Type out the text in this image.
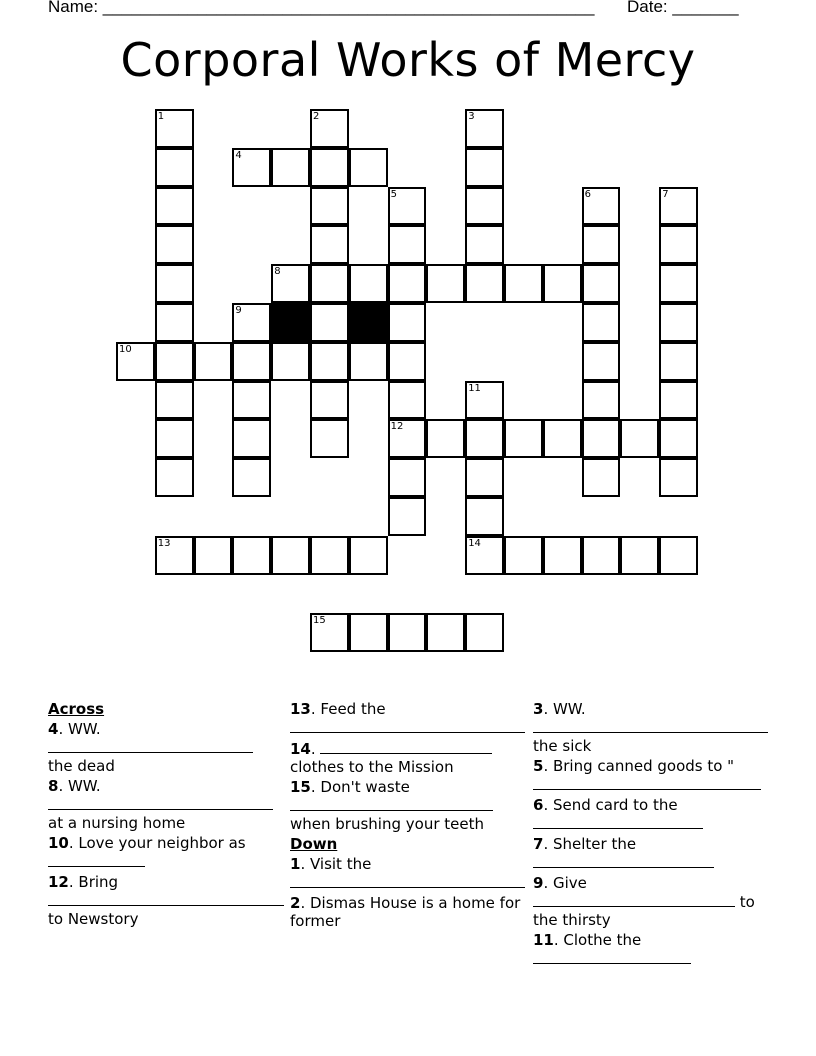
Name: ____________________________________________________ Date: _______
Corporal Works of Mercy
1	2	3
4
5
12
6	7
8
9
10
11
14
13
15
Across
4. WW.

the dead
8. WW.

at a nursing home
10. Love your neighbor as

12. Bring

to Newstory
13. Feed the

14.
clothes to the Mission
15. Don't waste

when brushing your teeth
Down
1. Visit the

2. Dismas House is a home for former
3. WW.

the sick
5. Bring canned goods to "

6. Send card to the

7. Shelter the

9. Give
to
the thirsty
11. Clothe the
